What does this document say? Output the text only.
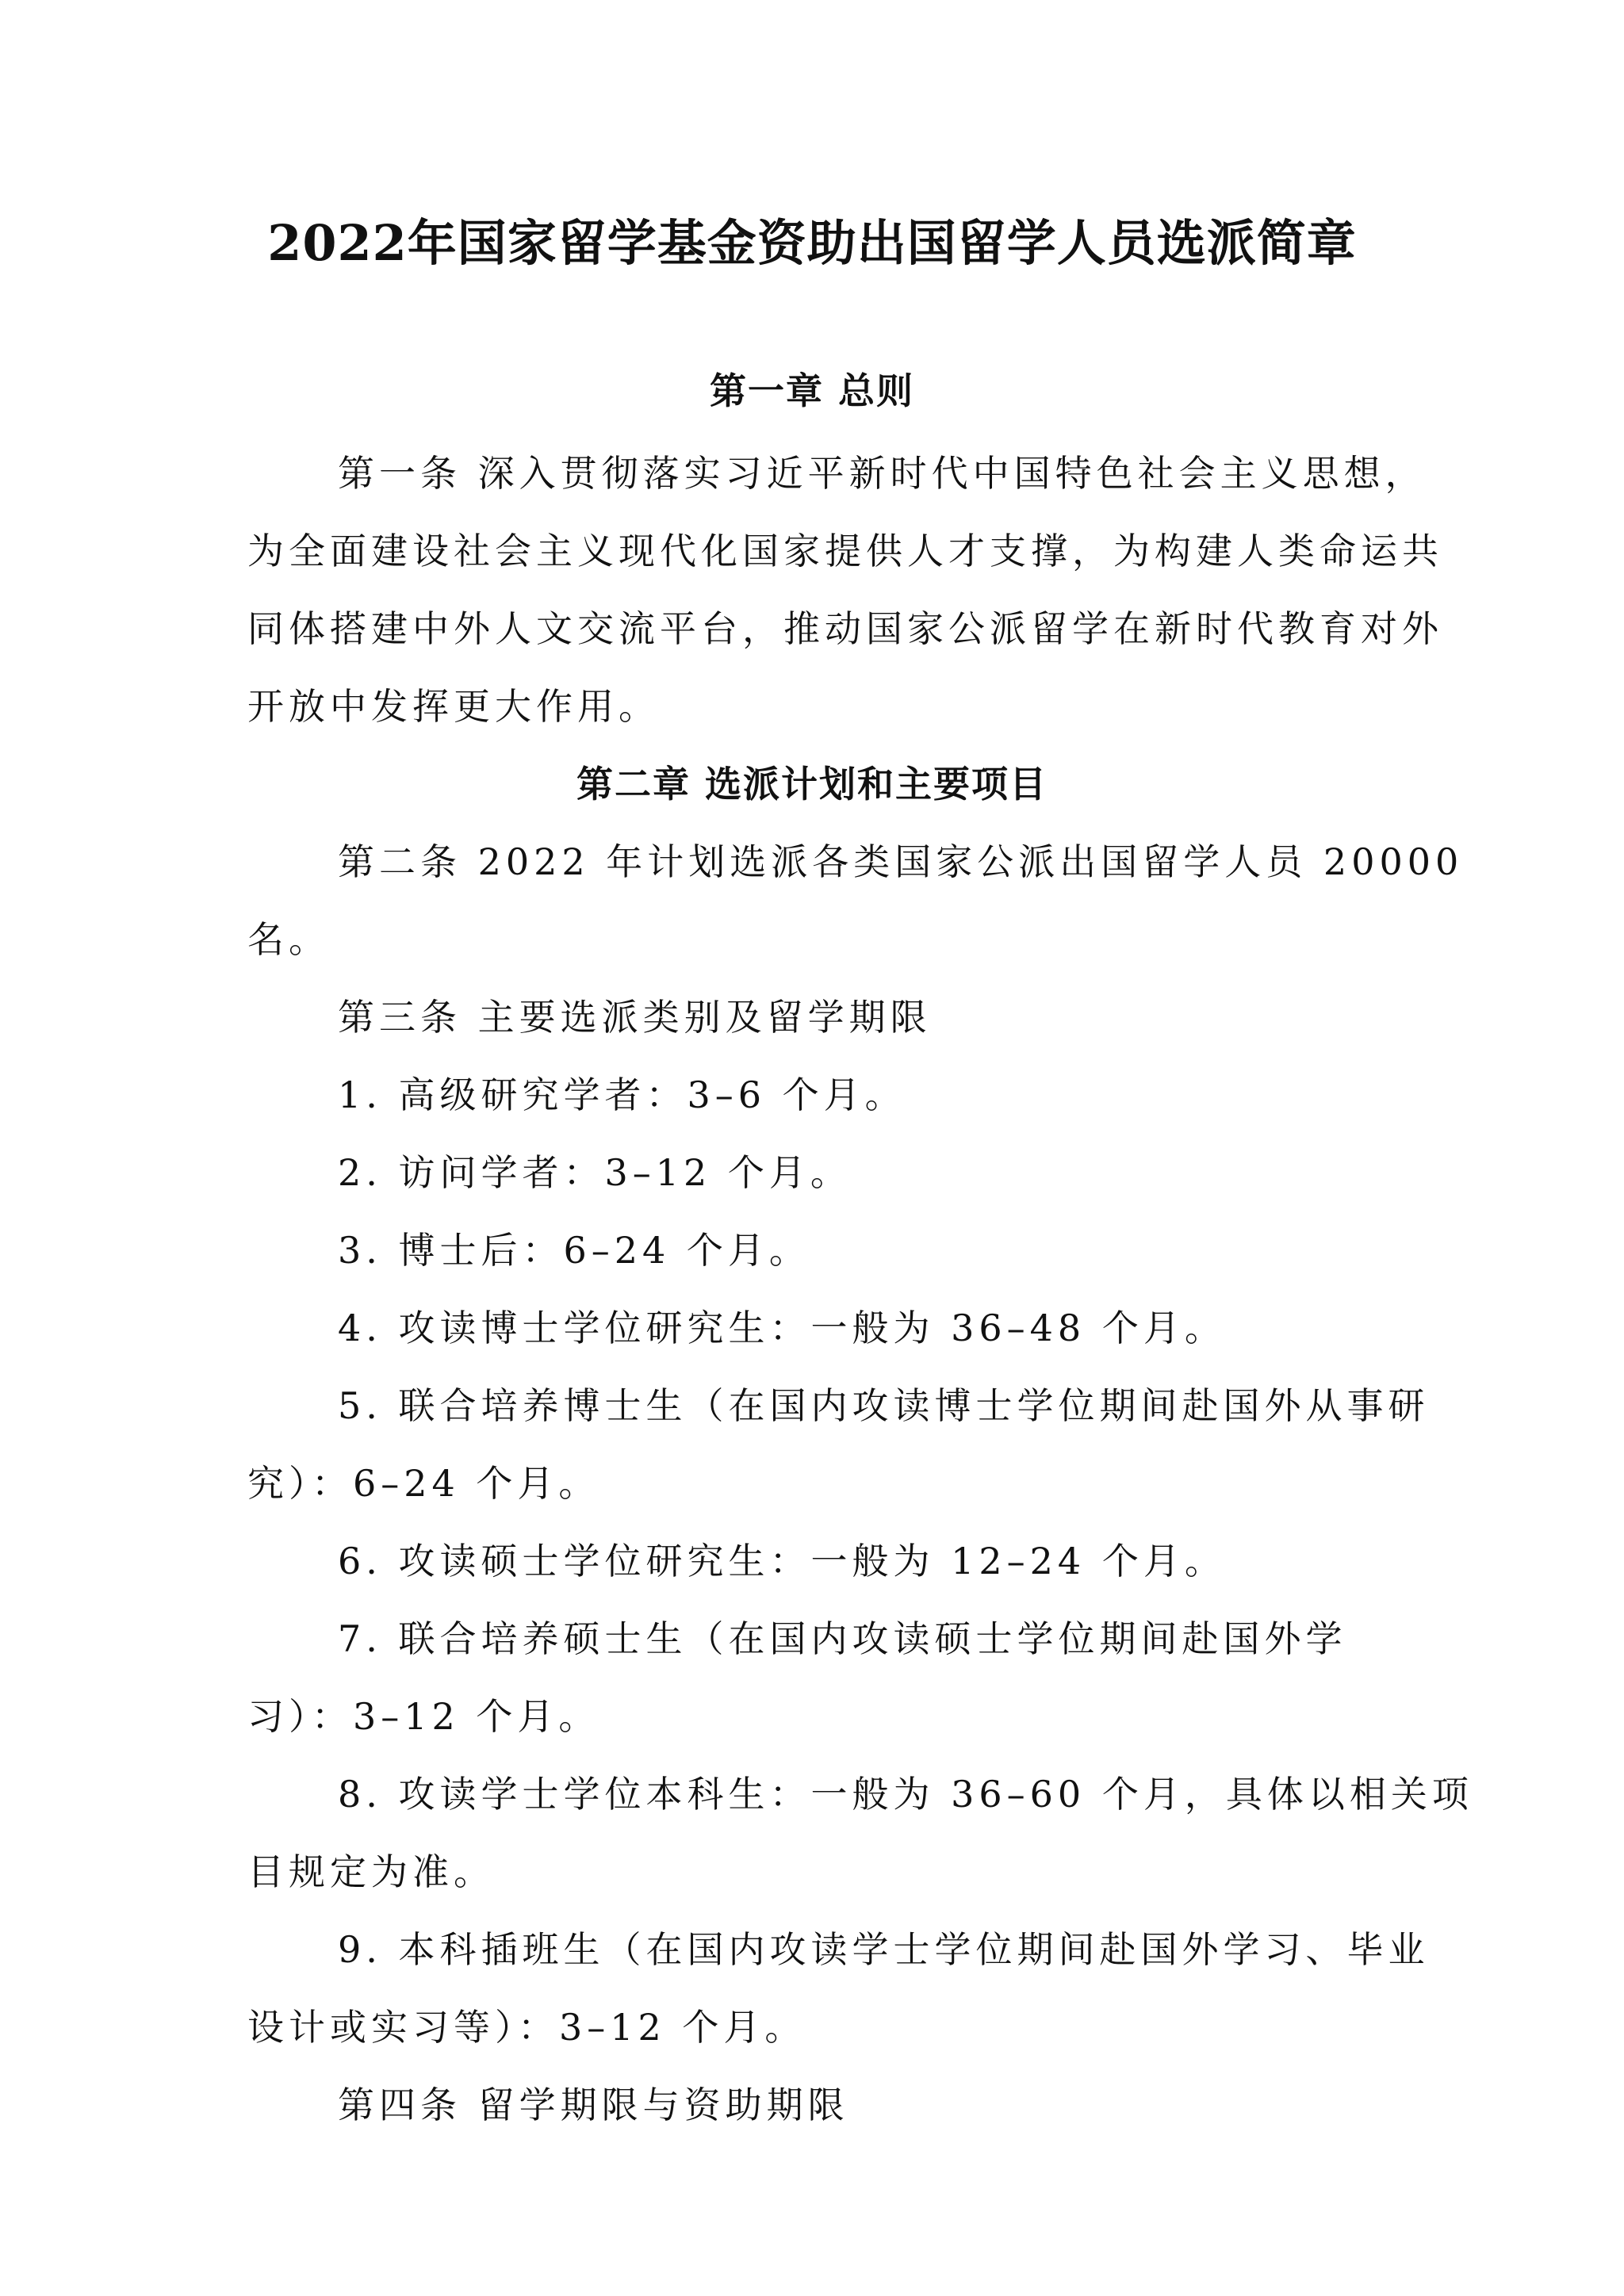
2022年国家留学基金资助出国留学人员选派简章
第一章 总则
第一条 深入贯彻落实习近平新时代中国特色社会主义思想，
为全面建设社会主义现代化国家提供人才支撑，为构建人类命运共
同体搭建中外人文交流平台，推动国家公派留学在新时代教育对外
开放中发挥更大作用。
第二章 选派计划和主要项目
第二条 2022 年计划选派各类国家公派出国留学人员 20000
名。
第三条 主要选派类别及留学期限
1. 高级研究学者：3–6 个月。
2. 访问学者：3–12 个月。
3. 博士后：6–24 个月。
4. 攻读博士学位研究生：一般为 36–48 个月。
5. 联合培养博士生（在国内攻读博士学位期间赴国外从事研
究）：6–24 个月。
6. 攻读硕士学位研究生：一般为 12–24 个月。
7. 联合培养硕士生（在国内攻读硕士学位期间赴国外学
习）：3–12 个月。
8. 攻读学士学位本科生：一般为 36–60 个月，具体以相关项
目规定为准。
9. 本科插班生（在国内攻读学士学位期间赴国外学习、毕业
设计或实习等）：3–12 个月。
第四条 留学期限与资助期限
